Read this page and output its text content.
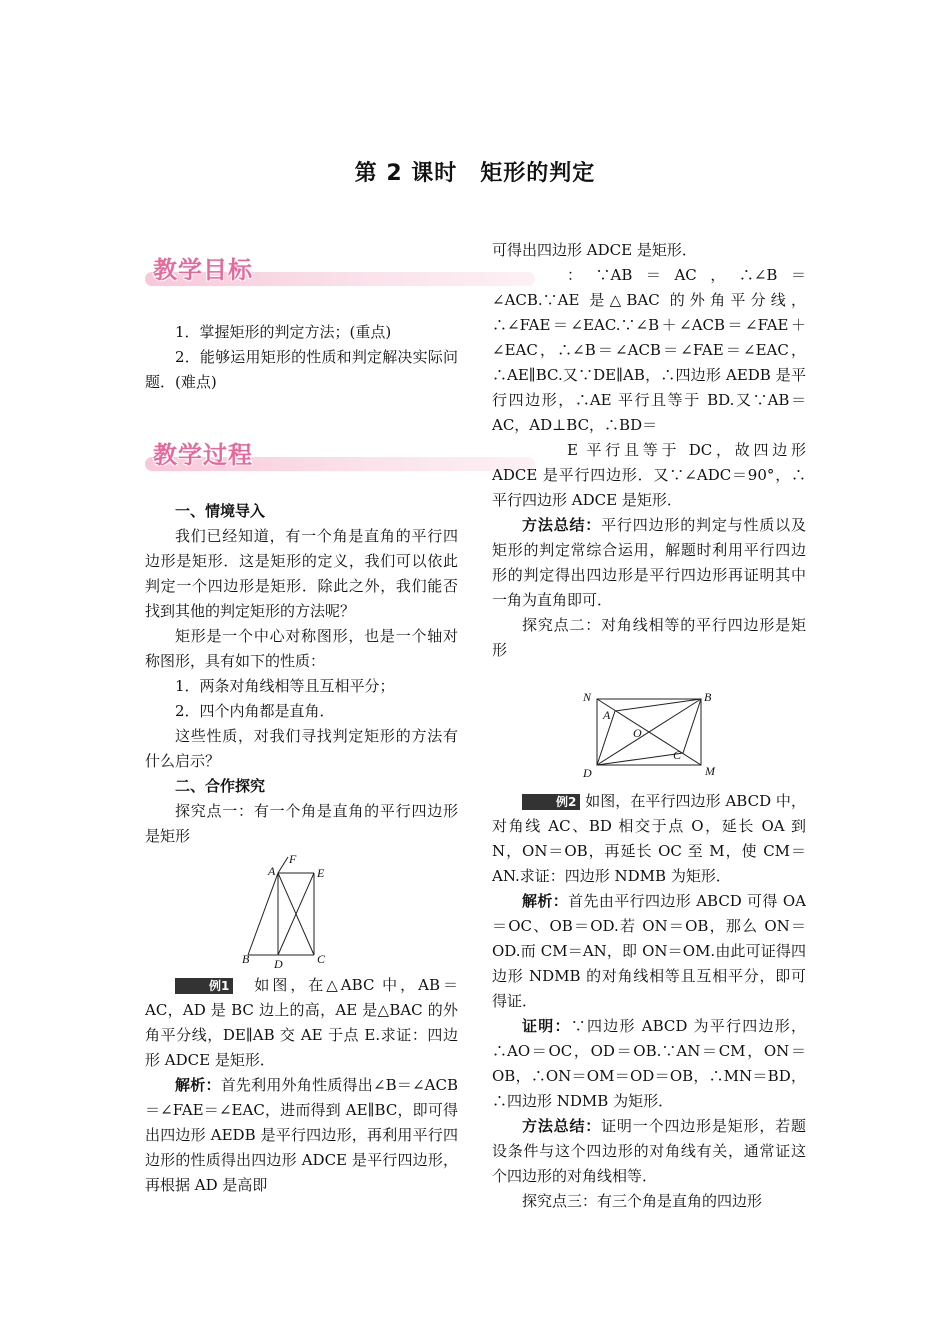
第 2 课时　矩形的判定
教学目标

1．掌握矩形的判定方法；(重点)

2．能够运用矩形的性质和判定解决实际问题．(难点)

教学过程

一、情境导入

我们已经知道，有一个角是直角的平行四边形是矩形．这是矩形的定义，我们可以依此判定一个四边形是矩形．除此之外，我们能否找到其他的判定矩形的方法呢？

矩形是一个中心对称图形，也是一个轴对称图形，具有如下的性质：

1．两条对角线相等且互相平分；

2．四个内角都是直角．

这些性质，对我们寻找判定矩形的方法有什么启示？

二、合作探究

探究点一：有一个角是直角的平行四边形是矩形

A
F
E
B D	C

例1　 如图，在△ABC 中，AB＝AC，AD 是 BC 边上的高，AE 是△BAC 的外角平分线，DE∥AB 交 AE 于点 E.求证：四边形 ADCE 是矩形．

解析：首先利用外角性质得出∠B＝∠ACB＝∠FAE＝∠EAC，进而得到 AE∥BC，即可得出四边形 AEDB 是平行四边形，再利用平行四边形的性质得出四边形 ADCE 是平行四边形，再根据 AD 是高即

可得出四边形 ADCE 是矩形．

：∵AB＝AC，∴∠B＝∠ACB.∵AE 是△BAC 的外角平分线，∴∠FAE＝∠EAC.∵∠B＋∠ACB＝∠FAE＋∠EAC，∴∠B＝∠ACB＝∠FAE＝∠EAC，∴AE∥BC.又∵DE∥AB，∴四边形 AEDB 是平行四边形，∴AE 平行且等于 BD.又∵AB＝AC，AD⊥BC，∴BD＝

E 平行且等于 DC，故四边形 ADCE 是平行四边形．又∵∠ADC＝90°，∴平行四边形 ADCE 是矩形．

方法总结：平行四边形的判定与性质以及矩形的判定常综合运用，解题时利用平行四边形的判定得出四边形是平行四边形再证明其中一角为直角即可．

探究点二：对角线相等的平行四边形是矩形

N	B
A
O
C
D	M

例2 如图，在平行四边形 ABCD 中，对角线 AC、BD 相交于点 O，延长 OA 到 N，ON＝OB，再延长 OC 至 M，使 CM＝AN.求证：四边形 NDMB 为矩形．

解析：首先由平行四边形 ABCD 可得 OA＝OC、OB＝OD.若 ON＝OB，那么 ON＝OD.而 CM＝AN，即 ON＝OM.由此可证得四边形 NDMB 的对角线相等且互相平分，即可得证．

证明：∵四边形 ABCD 为平行四边形，∴AO＝OC，OD＝OB.∵AN＝CM，ON＝OB，∴ON＝OM＝OD＝OB，∴MN＝BD，∴四边形 NDMB 为矩形．

方法总结：证明一个四边形是矩形，若题设条件与这个四边形的对角线有关，通常证这个四边形的对角线相等．

探究点三：有三个角是直角的四边形
